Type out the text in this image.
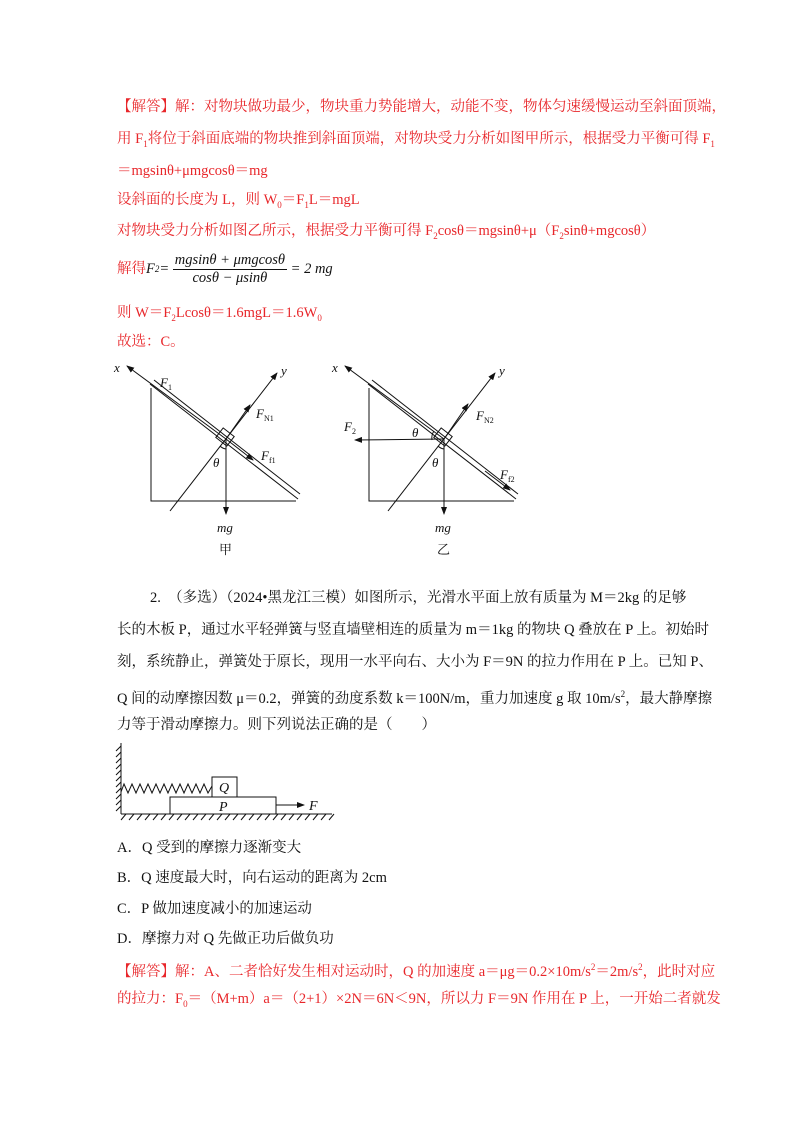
【解答】解：对物块做功最少，物块重力势能增大，动能不变，物体匀速缓慢运动至斜面顶端，
用 $F_1$将位于斜面底端的物块推到斜面顶端，对物块受力分析如图甲所示，根据受力平衡可得 $F_1$
＝mgsinθ+μmgcosθ＝mg
设斜面的长度为 L，则 $W_0=F_1L=mgL$
对物块受力分析如图乙所示，根据受力平衡可得 $F_2\cos\theta=mgsin\theta+\mu(F_2\sin\theta+mgcos\theta)$
解得$F2= \frac{\text{mgsinθ + μmgcosθ}}{\cos\theta - \mu\sin\theta} = 2$ mg
则 $W=F_2Lcos\theta=1.6mgL=1.6W_0$
故选：C。
x	y
$F_1$
$F_{N1}$
$F_{f1}$
θ
mg
甲
x	y
$F_2$
$F_{N2}$
$F_{f2}$
θ
θ
mg
乙
2.　（多选）（2024•黑龙江三模）如图所示，光滑水平面上放有质量为 M＝2kg 的足够
长的木板 P，通过水平轻弹簧与竖直墙壁相连的质量为 m＝1kg 的物块 Q 叠放在 P 上。初始时
刻，系统静止，弹簧处于原长，现用一水平向右、大小为 F＝9N 的拉力作用在 P 上。已知 P、
Q 间的动摩擦因数 μ＝0.2，弹簧的劲度系数 k＝100N/m，重力加速度 g 取 $10m/s^2$，最大静摩擦
力等于滑动摩擦力。则下列说法正确的是（　　）
Q
P	F
A．Q 受到的摩擦力逐渐变大
B．Q 速度最大时，向右运动的距离为 2cm
C．P 做加速度减小的加速运动
D．摩擦力对 Q 先做正功后做负功
【解答】解：A、二者恰好发生相对运动时，Q 的加速度 $a=\mu g=0.2\times 10m/s^2=2m/s^2$，此时对应
的拉力：$F_0=(M+m)a=(2+1)\times 2N=6N<9N$，所以力 F＝9N 作用在 P 上，一开始二者就发
